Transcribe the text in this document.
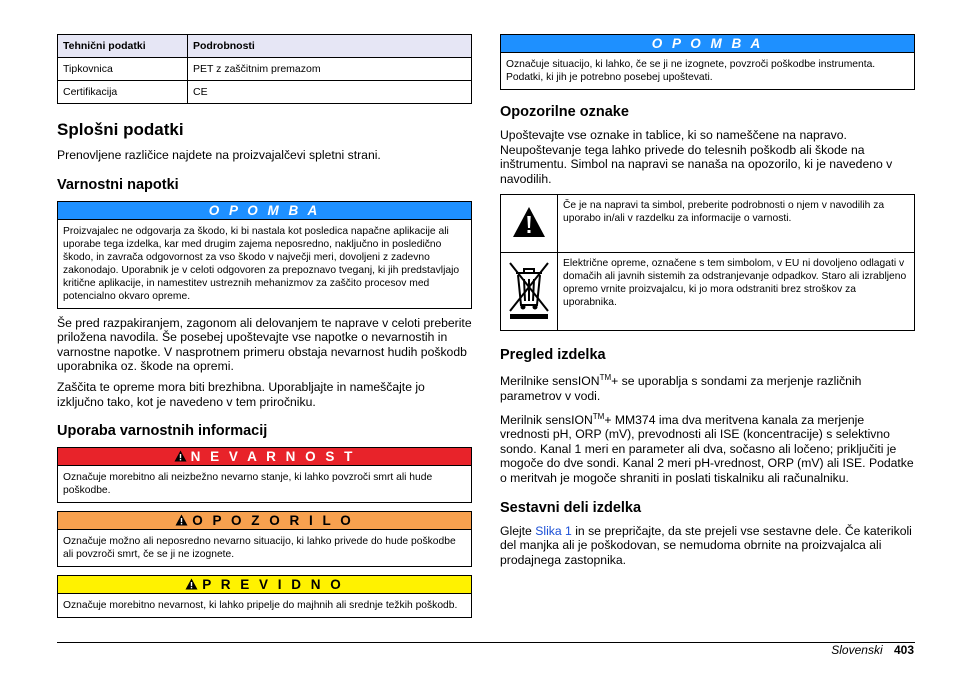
Tehnični podatki	Podrobnosti
Tipkovnica	PET z zaščitnim premazom
Certifikacija	CE
Splošni podatki

Prenovljene različice najdete na proizvajalčevi spletni strani.

Varnostni napotki
O P O M B A
Proizvajalec ne odgovarja za škodo, ki bi nastala kot posledica napačne aplikacije ali uporabe tega izdelka, kar med drugim zajema neposredno, naključno in posledično škodo, in zavrača odgovornost za vso škodo v največji meri, dovoljeni z zadevno zakonodajo. Uporabnik je v celoti odgovoren za prepoznavo tveganj, ki jih predstavljajo kritične aplikacije, in namestitev ustreznih mehanizmov za zaščito procesov med potencialno okvaro opreme.

Še pred razpakiranjem, zagonom ali delovanjem te naprave v celoti preberite priložena navodila. Še posebej upoštevajte vse napotke o nevarnostih in varnostne napotke. V nasprotnem primeru obstaja nevarnost hudih poškodb uporabnika oz. škode na opremi.

Zaščita te opreme mora biti brezhibna. Uporabljajte in nameščajte jo izključno tako, kot je navedeno v tem priročniku.

Uporaba varnostnih informacij
N E V A R N O S T
Označuje morebitno ali neizbežno nevarno stanje, ki lahko povzroči smrt ali hude poškodbe.
O P O Z O R I L O
Označuje možno ali neposredno nevarno situacijo, ki lahko privede do hude poškodbe ali povzroči smrt, če se ji ne izognete.
P R E V I D N O
Označuje morebitno nevarnost, ki lahko pripelje do majhnih ali srednje težkih poškodb.
O P O M B A
Označuje situacijo, ki lahko, če se ji ne izognete, povzroči poškodbe instrumenta. Podatki, ki jih je potrebno posebej upoštevati.
Opozorilne oznake

Upoštevajte vse oznake in tablice, ki so nameščene na napravo. Neupoštevanje tega lahko privede do telesnih poškodb ali škode na inštrumentu. Simbol na napravi se nanaša na opozorilo, ki je navedeno v navodilih.

	Če je na napravi ta simbol, preberite podrobnosti o njem v navodilih za uporabo in/ali v razdelku za informacije o varnosti.
	Električne opreme, označene s tem simbolom, v EU ni dovoljeno odlagati v domačih ali javnih sistemih za odstranjevanje odpadkov. Staro ali izrabljeno opremo vrnite proizvajalcu, ki jo mora odstraniti brez stroškov za uporabnika.
Pregled izdelka

Merilnike sensION™+ se uporablja s sondami za merjenje različnih parametrov v vodi.

Merilnik sensION™+ MM374 ima dva meritvena kanala za merjenje vrednosti pH, ORP (mV), prevodnosti ali ISE (koncentracije) s selektivno sondo. Kanal 1 meri en parameter ali dva, sočasno ali ločeno; priključiti je mogoče do dve sondi. Kanal 2 meri pH-vrednost, ORP (mV) ali ISE. Podatke o meritvah je mogoče shraniti in poslati tiskalniku ali računalniku.

Sestavni deli izdelka

Glejte Slika 1 in se prepričajte, da ste prejeli vse sestavne dele. Če katerikoli del manjka ali je poškodovan, se nemudoma obrnite na proizvajalca ali prodajnega zastopnika.

Slovenski 403
